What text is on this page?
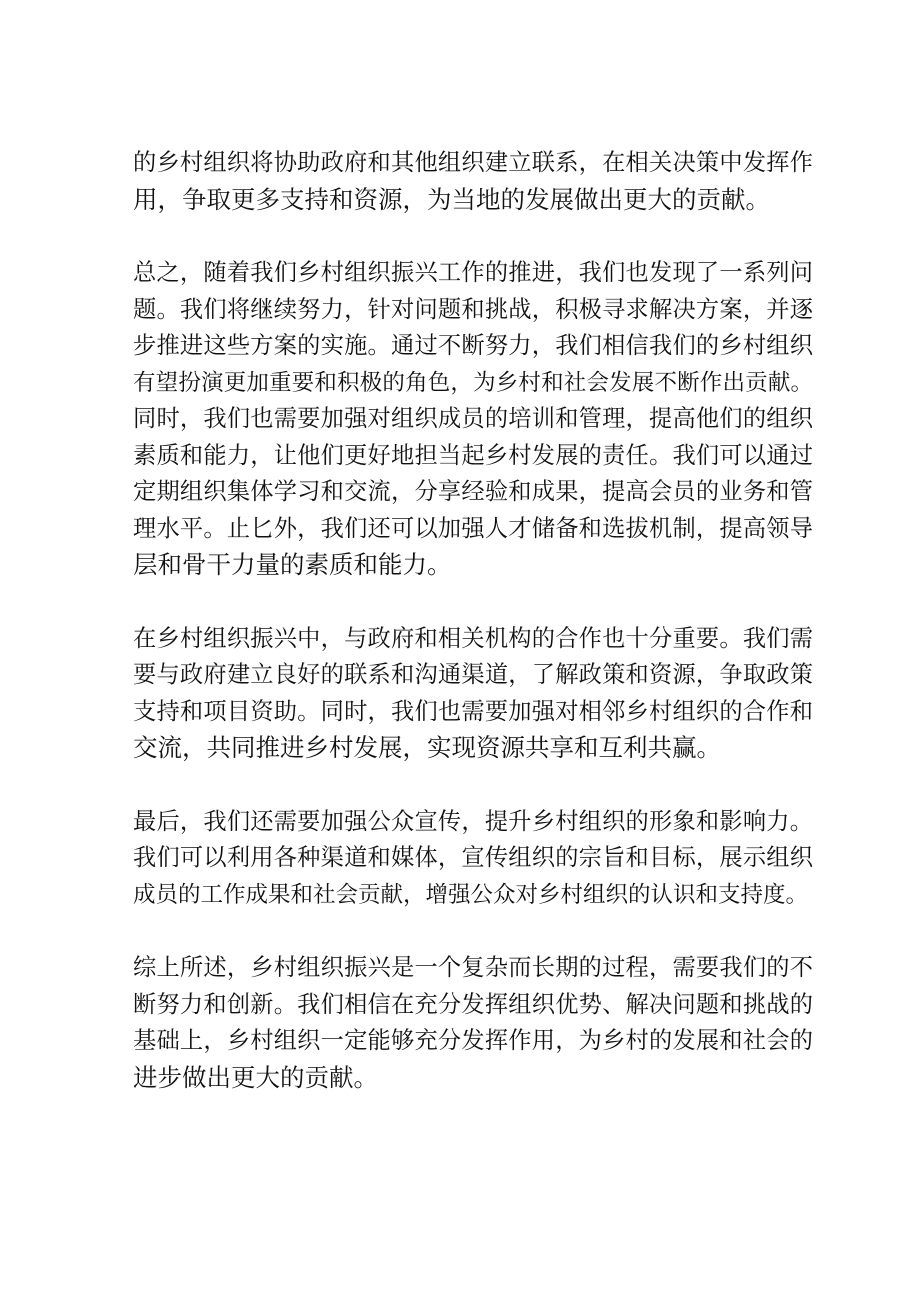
的乡村组织将协助政府和其他组织建立联系，在相关决策中发挥作
用，争取更多支持和资源，为当地的发展做出更大的贡献。

总之，随着我们乡村组织振兴工作的推进，我们也发现了一系列问
题。我们将继续努力，针对问题和挑战，积极寻求解决方案，并逐
步推进这些方案的实施。通过不断努力，我们相信我们的乡村组织
有望扮演更加重要和积极的角色，为乡村和社会发展不断作出贡献。
同时，我们也需要加强对组织成员的培训和管理，提高他们的组织
素质和能力，让他们更好地担当起乡村发展的责任。我们可以通过
定期组织集体学习和交流，分享经验和成果，提高会员的业务和管
理水平。止匕外，我们还可以加强人才储备和选拔机制，提高领导
层和骨干力量的素质和能力。

在乡村组织振兴中，与政府和相关机构的合作也十分重要。我们需
要与政府建立良好的联系和沟通渠道，了解政策和资源，争取政策
支持和项目资助。同时，我们也需要加强对相邻乡村组织的合作和
交流，共同推进乡村发展，实现资源共享和互利共赢。

最后，我们还需要加强公众宣传，提升乡村组织的形象和影响力。
我们可以利用各种渠道和媒体，宣传组织的宗旨和目标，展示组织
成员的工作成果和社会贡献，增强公众对乡村组织的认识和支持度。

综上所述，乡村组织振兴是一个复杂而长期的过程，需要我们的不
断努力和创新。我们相信在充分发挥组织优势、解决问题和挑战的
基础上，乡村组织一定能够充分发挥作用，为乡村的发展和社会的
进步做出更大的贡献。
